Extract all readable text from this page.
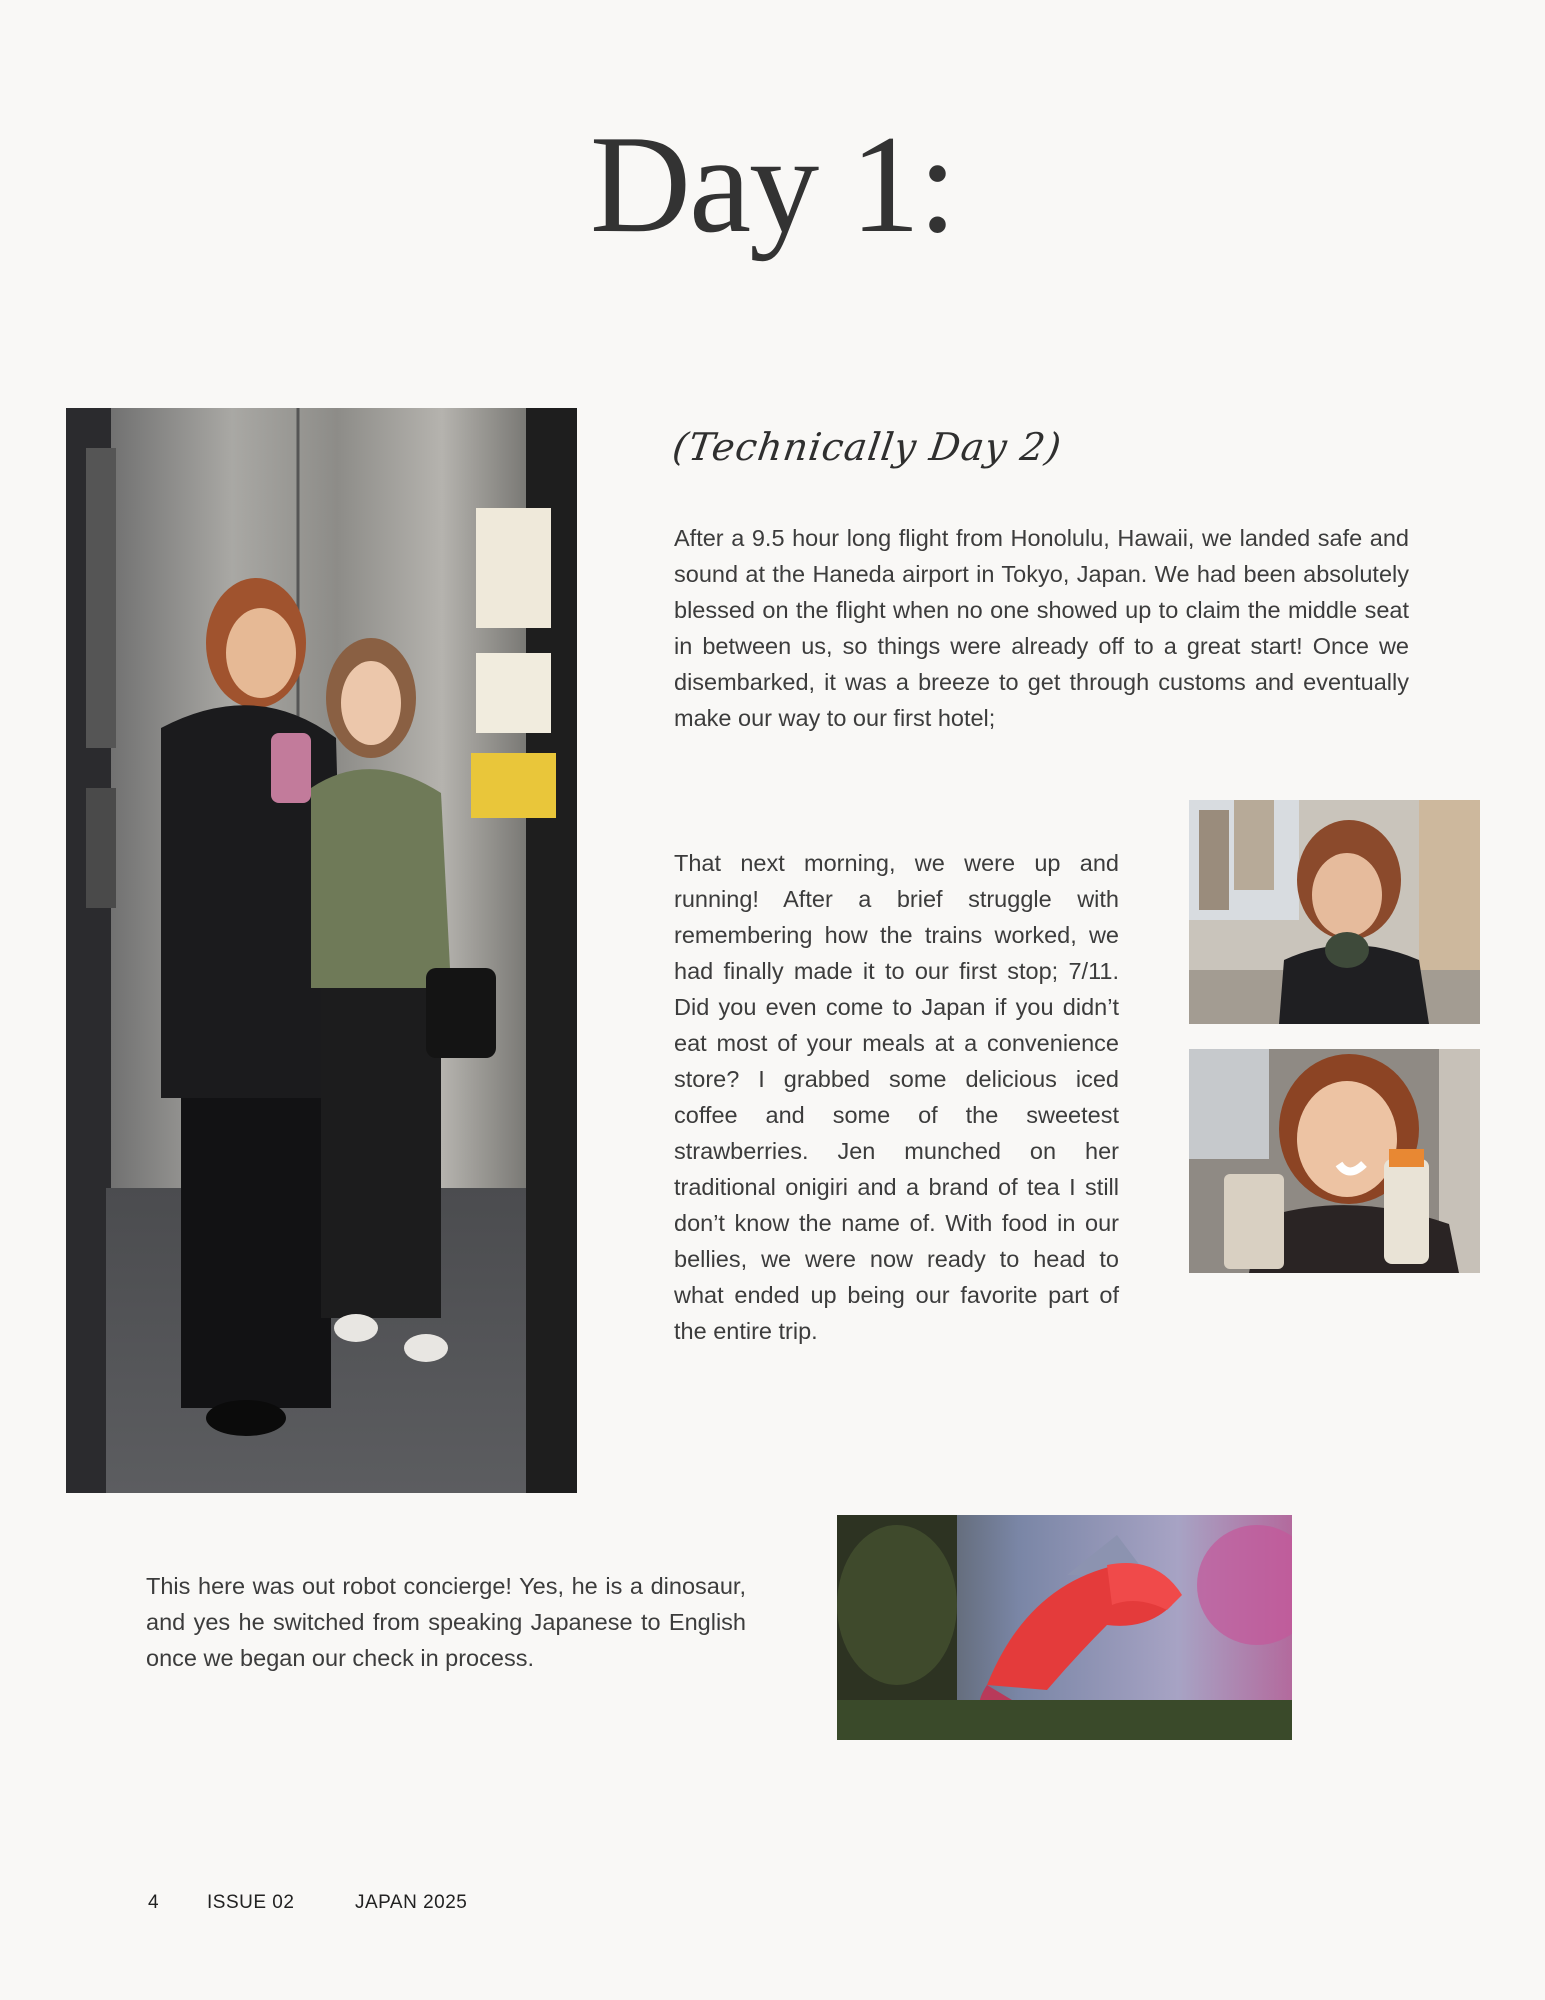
Day 1:
(Technically Day 2)

After a 9.5 hour long flight from Honolulu, Hawaii, we landed safe and sound at the Haneda airport in Tokyo, Japan. We had been absolutely blessed on the flight when no one showed up to claim the middle seat in between us, so things were already off to a great start! Once we disembarked, it was a breeze to get through customs and eventually make our way to our first hotel;

That next morning, we were up and running! After a brief struggle with remembering how the trains worked, we had finally made it to our first stop; 7/11. Did you even come to Japan if you didn’t eat most of your meals at a convenience store? I grabbed some delicious iced coffee and some of the sweetest strawberries. Jen munched on her traditional onigiri and a brand of tea I still don’t know the name of. With food in our bellies, we were now ready to head to what ended up being our favorite part of the entire trip.

This here was out robot concierge! Yes, he is a dinosaur, and yes he switched from speaking Japanese to English once we began our check in process.

4	ISSUE 02	JAPAN 2025
